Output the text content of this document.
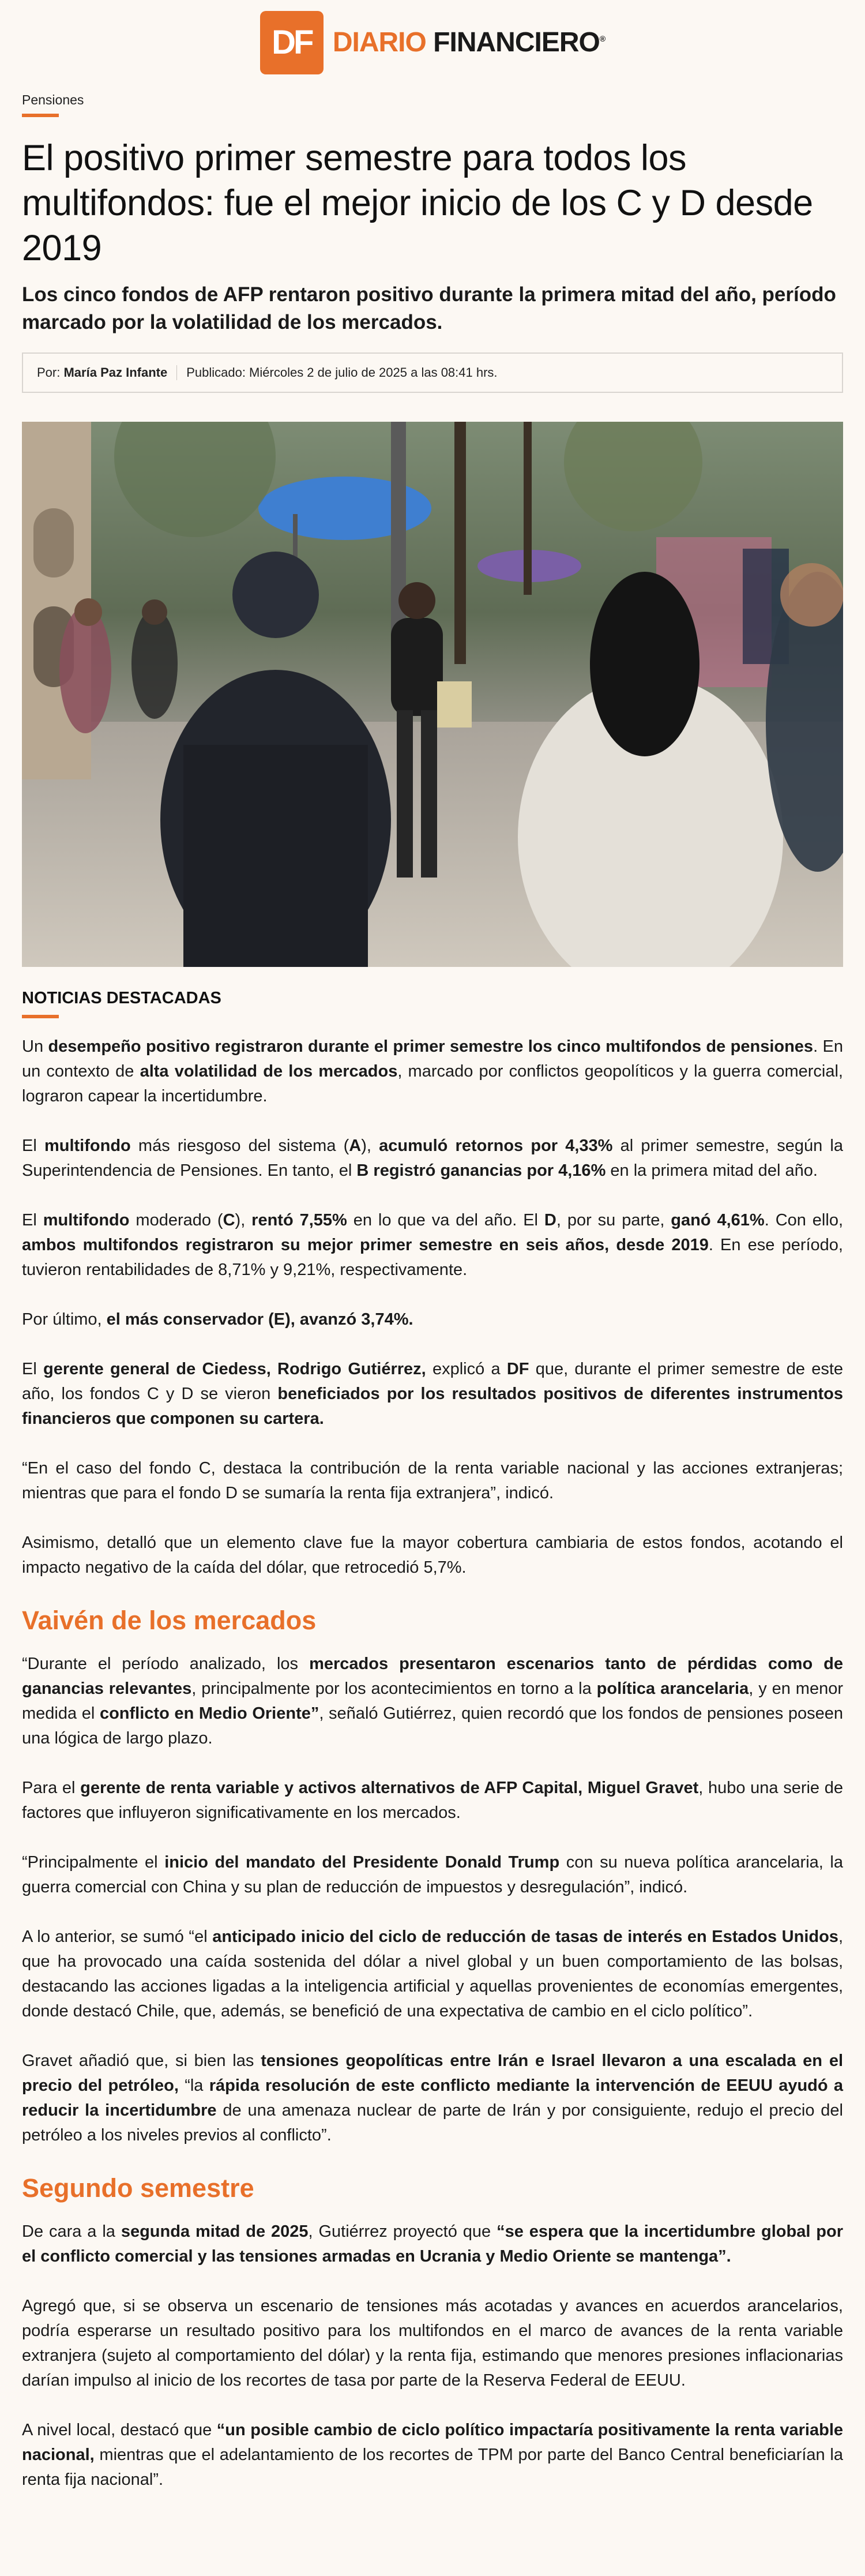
DF DIARIO FINANCIERO®
Pensiones
El positivo primer semestre para todos los multifondos: fue el mejor inicio de los C y D desde 2019

Los cinco fondos de AFP rentaron positivo durante la primera mitad del año, período marcado por la volatilidad de los mercados.

Por:
María Paz Infante Publicado: Miércoles 2 de julio de 2025 a las 08:41 hrs.
NOTICIAS DESTACADAS

Un desempeño positivo registraron durante el primer semestre los cinco multifondos de pensiones. En un contexto de alta volatilidad de los mercados, marcado por conflictos geopolíticos y la guerra comercial, lograron capear la incertidumbre.

El multifondo más riesgoso del sistema (A), acumuló retornos por 4,33% al primer semestre, según la Superintendencia de Pensiones. En tanto, el B registró ganancias por 4,16% en la primera mitad del año.

El multifondo moderado (C), rentó 7,55% en lo que va del año. El D, por su parte, ganó 4,61%. Con ello, ambos multifondos registraron su mejor primer semestre en seis años, desde 2019. En ese período, tuvieron rentabilidades de 8,71% y 9,21%, respectivamente.

Por último, el más conservador (E), avanzó 3,74%.

El gerente general de Ciedess, Rodrigo Gutiérrez, explicó a DF que, durante el primer semestre de este año, los fondos C y D se vieron beneficiados por los resultados positivos de diferentes instrumentos financieros que componen su cartera.

“En el caso del fondo C, destaca la contribución de la renta variable nacional y las acciones extranjeras; mientras que para el fondo D se sumaría la renta fija extranjera”, indicó.

Asimismo, detalló que un elemento clave fue la mayor cobertura cambiaria de estos fondos, acotando el impacto negativo de la caída del dólar, que retrocedió 5,7%.

Vaivén de los mercados

“Durante el período analizado, los mercados presentaron escenarios tanto de pérdidas como de ganancias relevantes, principalmente por los acontecimientos en torno a la política arancelaria, y en menor medida el conflicto en Medio Oriente”, señaló Gutiérrez, quien recordó que los fondos de pensiones poseen una lógica de largo plazo.

Para el gerente de renta variable y activos alternativos de AFP Capital, Miguel Gravet, hubo una serie de factores que influyeron significativamente en los mercados.

“Principalmente el inicio del mandato del Presidente Donald Trump con su nueva política arancelaria, la guerra comercial con China y su plan de reducción de impuestos y desregulación”, indicó.

A lo anterior, se sumó “el anticipado inicio del ciclo de reducción de tasas de interés en Estados Unidos, que ha provocado una caída sostenida del dólar a nivel global y un buen comportamiento de las bolsas, destacando las acciones ligadas a la inteligencia artificial y aquellas provenientes de economías emergentes, donde destacó Chile, que, además, se benefició de una expectativa de cambio en el ciclo político”.

Gravet añadió que, si bien las tensiones geopolíticas entre Irán e Israel llevaron a una escalada en el precio del petróleo, “la rápida resolución de este conflicto mediante la intervención de EEUU ayudó a reducir la incertidumbre de una amenaza nuclear de parte de Irán y por consiguiente, redujo el precio del petróleo a los niveles previos al conflicto”.

Segundo semestre

De cara a la segunda mitad de 2025, Gutiérrez proyectó que “se espera que la incertidumbre global por el conflicto comercial y las tensiones armadas en Ucrania y Medio Oriente se mantenga”.

Agregó que, si se observa un escenario de tensiones más acotadas y avances en acuerdos arancelarios, podría esperarse un resultado positivo para los multifondos en el marco de avances de la renta variable extranjera (sujeto al comportamiento del dólar) y la renta fija, estimando que menores presiones inflacionarias darían impulso al inicio de los recortes de tasa por parte de la Reserva Federal de EEUU.

A nivel local, destacó que “un posible cambio de ciclo político impactaría positivamente la renta variable nacional, mientras que el adelantamiento de los recortes de TPM por parte del Banco Central beneficiarían la renta fija nacional”.
